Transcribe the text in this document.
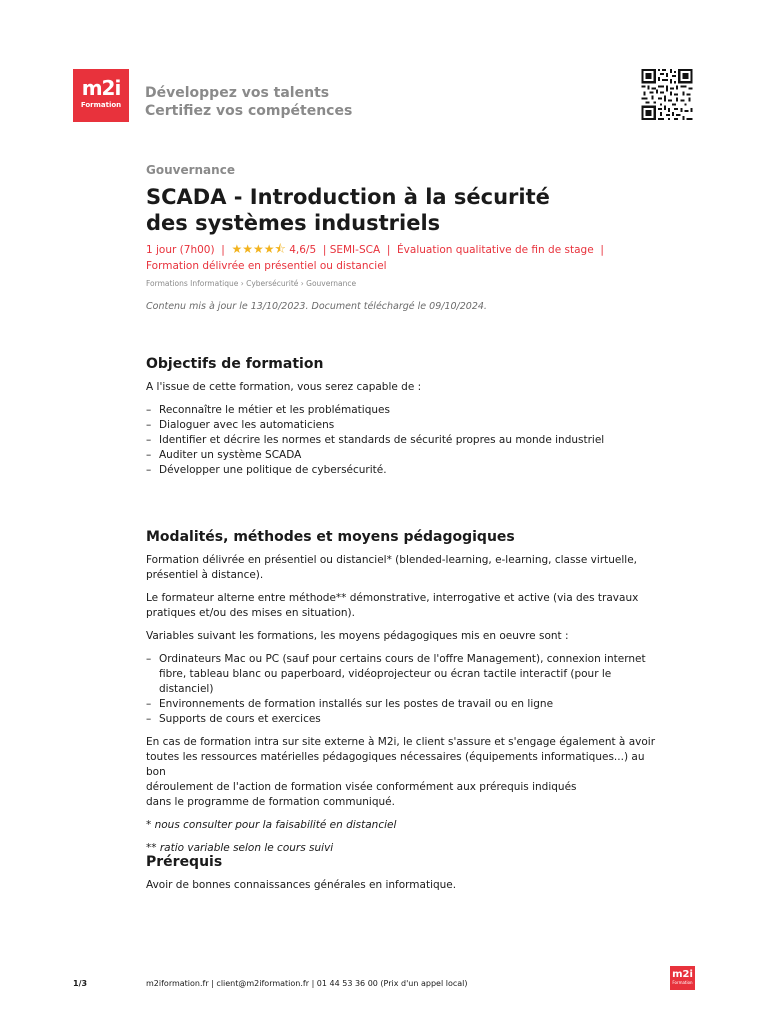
m2i
Formation
Développez vos talents
Certifiez vos compétences
Gouvernance
SCADA - Introduction à la sécurité
des systèmes industriels
1 jour (7h00)  |  ★★★★⯪ 4,6/5  | SEMI-SCA  |  Évaluation qualitative de fin de stage  |
Formation délivrée en présentiel ou distanciel
Formations Informatique › Cybersécurité › Gouvernance
Contenu mis à jour le 13/10/2023. Document téléchargé le 09/10/2024.
Objectifs de formation

A l'issue de cette formation, vous serez capable de :

– Reconnaître le métier et les problématiques
– Dialoguer avec les automaticiens
– Identifier et décrire les normes et standards de sécurité propres au monde industriel
– Auditer un système SCADA
– Développer une politique de cybersécurité.
Modalités, méthodes et moyens pédagogiques

Formation délivrée en présentiel ou distanciel* (blended-learning, e-learning, classe virtuelle, présentiel à distance).

Le formateur alterne entre méthode** démonstrative, interrogative et active (via des travaux pratiques et/ou des mises en situation).

Variables suivant les formations, les moyens pédagogiques mis en oeuvre sont :

– Ordinateurs Mac ou PC (sauf pour certains cours de l'offre Management), connexion internet fibre, tableau blanc ou paperboard, vidéoprojecteur ou écran tactile interactif (pour le distanciel)
– Environnements de formation installés sur les postes de travail ou en ligne
– Supports de cours et exercices

En cas de formation intra sur site externe à M2i, le client s'assure et s'engage également à avoir
toutes les ressources matérielles pédagogiques nécessaires (équipements informatiques...) au bon
déroulement de l'action de formation visée conformément aux prérequis indiqués
dans le programme de formation communiqué.

* nous consulter pour la faisabilité en distanciel

** ratio variable selon le cours suivi

Prérequis

Avoir de bonnes connaissances générales en informatique.

1/3	m2iformation.fr | client@m2iformation.fr | 01 44 53 36 00 (Prix d'un appel local)
m2i
Formation
